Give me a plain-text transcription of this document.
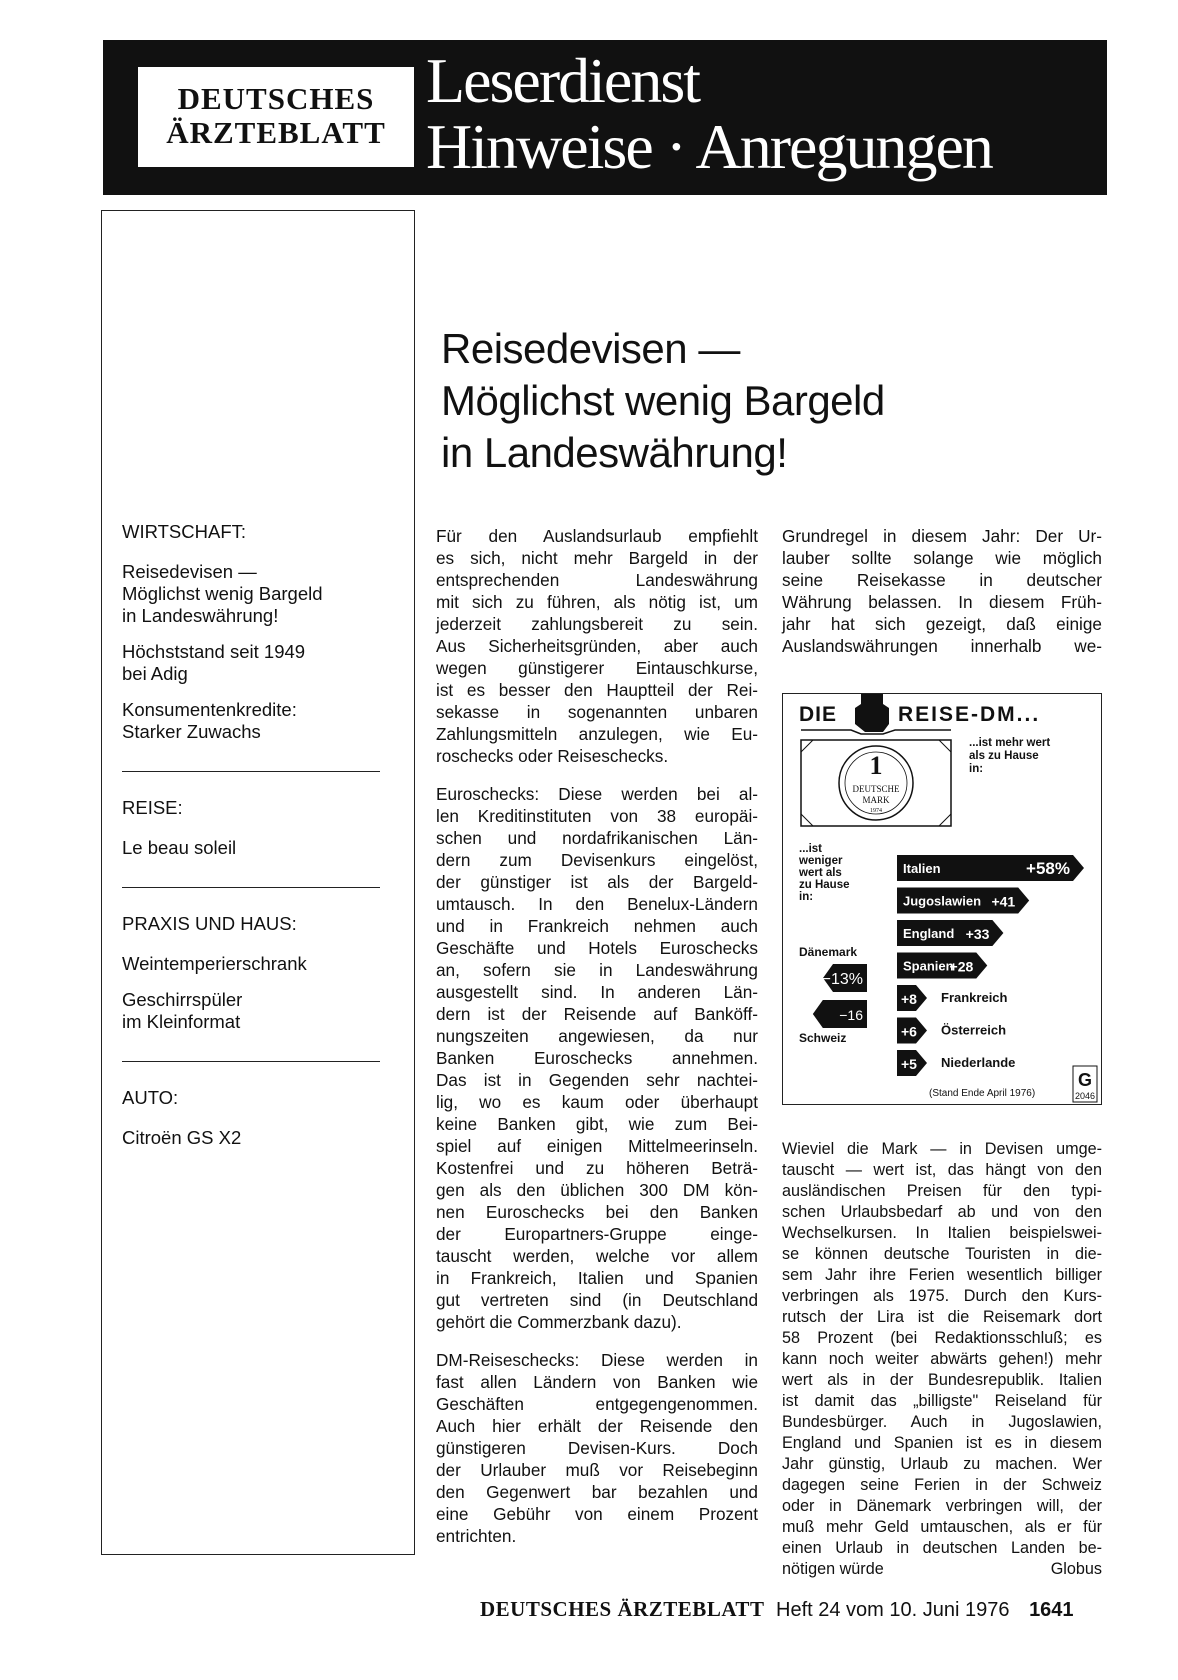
DEUTSCHES
ÄRZTEBLATT
Leserdienst
Hinweise · Anregungen
WIRTSCHAFT:
Reisedevisen —
Möglichst wenig Bargeld
in Landeswährung!
Höchststand seit 1949
bei Adig
Konsumentenkredite:
Starker Zuwachs
REISE:
Le beau soleil
PRAXIS UND HAUS:
Weintemperierschrank
Geschirrspüler
im Kleinformat
AUTO:
Citroën GS X2
Reisedevisen —
Möglichst wenig Bargeld
in Landeswährung!

Für den Auslandsurlaub empfiehlt
es sich, nicht mehr Bargeld in der
entsprechenden Landeswährung
mit sich zu führen, als nötig ist, um
jederzeit zahlungsbereit zu sein.
Aus Sicherheitsgründen, aber auch
wegen günstigerer Eintauschkurse,
ist es besser den Hauptteil der Rei-
sekasse in sogenannten unbaren
Zahlungsmitteln anzulegen, wie Eu-
roschecks oder Reiseschecks.

Euroschecks: Diese werden bei al-
len Kreditinstituten von 38 europäi-
schen und nordafrikanischen Län-
dern zum Devisenkurs eingelöst,
der günstiger ist als der Bargeld-
umtausch. In den Benelux-Ländern
und in Frankreich nehmen auch
Geschäfte und Hotels Euroschecks
an, sofern sie in Landeswährung
ausgestellt sind. In anderen Län-
dern ist der Reisende auf Banköff-
nungszeiten angewiesen, da nur
Banken Euroschecks annehmen.
Das ist in Gegenden sehr nachtei-
lig, wo es kaum oder überhaupt
keine Banken gibt, wie zum Bei-
spiel auf einigen Mittelmeerinseln.
Kostenfrei und zu höheren Beträ-
gen als den üblichen 300 DM kön-
nen Euroschecks bei den Banken
der Europartners-Gruppe einge-
tauscht werden, welche vor allem
in Frankreich, Italien und Spanien
gut vertreten sind (in Deutschland
gehört die Commerzbank dazu).

DM-Reiseschecks: Diese werden in
fast allen Ländern von Banken wie
Geschäften entgegengenommen.
Auch hier erhält der Reisende den
günstigeren Devisen-Kurs. Doch
der Urlauber muß vor Reisebeginn
den Gegenwert bar bezahlen und
eine Gebühr von einem Prozent
entrichten.

Grundregel in diesem Jahr: Der Ur-
lauber sollte solange wie möglich
seine Reisekasse in deutscher
Währung belassen. In diesem Früh-
jahr hat sich gezeigt, daß einige
Auslandswährungen innerhalb we-

DIE	REISE-DM...
1
DEUTSCHE
MARK
1974
...ist mehr wert
als zu Hause
in:
...ist
weniger
wert als
zu Hause
in:
Italien	+58%
Jugoslawien +41
England +33
Spanien
+28
+8 Frankreich
+6 Österreich
+5 Niederlande
Dänemark
−13%
−16
Schweiz
(Stand Ende April 1976)
G
2046

Wieviel die Mark — in Devisen umge-
tauscht — wert ist, das hängt von den
ausländischen Preisen für den typi-
schen Urlaubsbedarf ab und von den
Wechselkursen. In Italien beispielswei-
se können deutsche Touristen in die-
sem Jahr ihre Ferien wesentlich billiger
verbringen als 1975. Durch den Kurs-
rutsch der Lira ist die Reisemark dort
58 Prozent (bei Redaktionsschluß; es
kann noch weiter abwärts gehen!) mehr
wert als in der Bundesrepublik. Italien
ist damit das „billigste" Reiseland für
Bundesbürger. Auch in Jugoslawien,
England und Spanien ist es in diesem
Jahr günstig, Urlaub zu machen. Wer
dagegen seine Ferien in der Schweiz
oder in Dänemark verbringen will, der
muß mehr Geld umtauschen, als er für
einen Urlaub in deutschen Landen be-
nötigen würde	Globus

DEUTSCHES ÄRZTEBLATT Heft 24 vom 10. Juni 1976 1641
